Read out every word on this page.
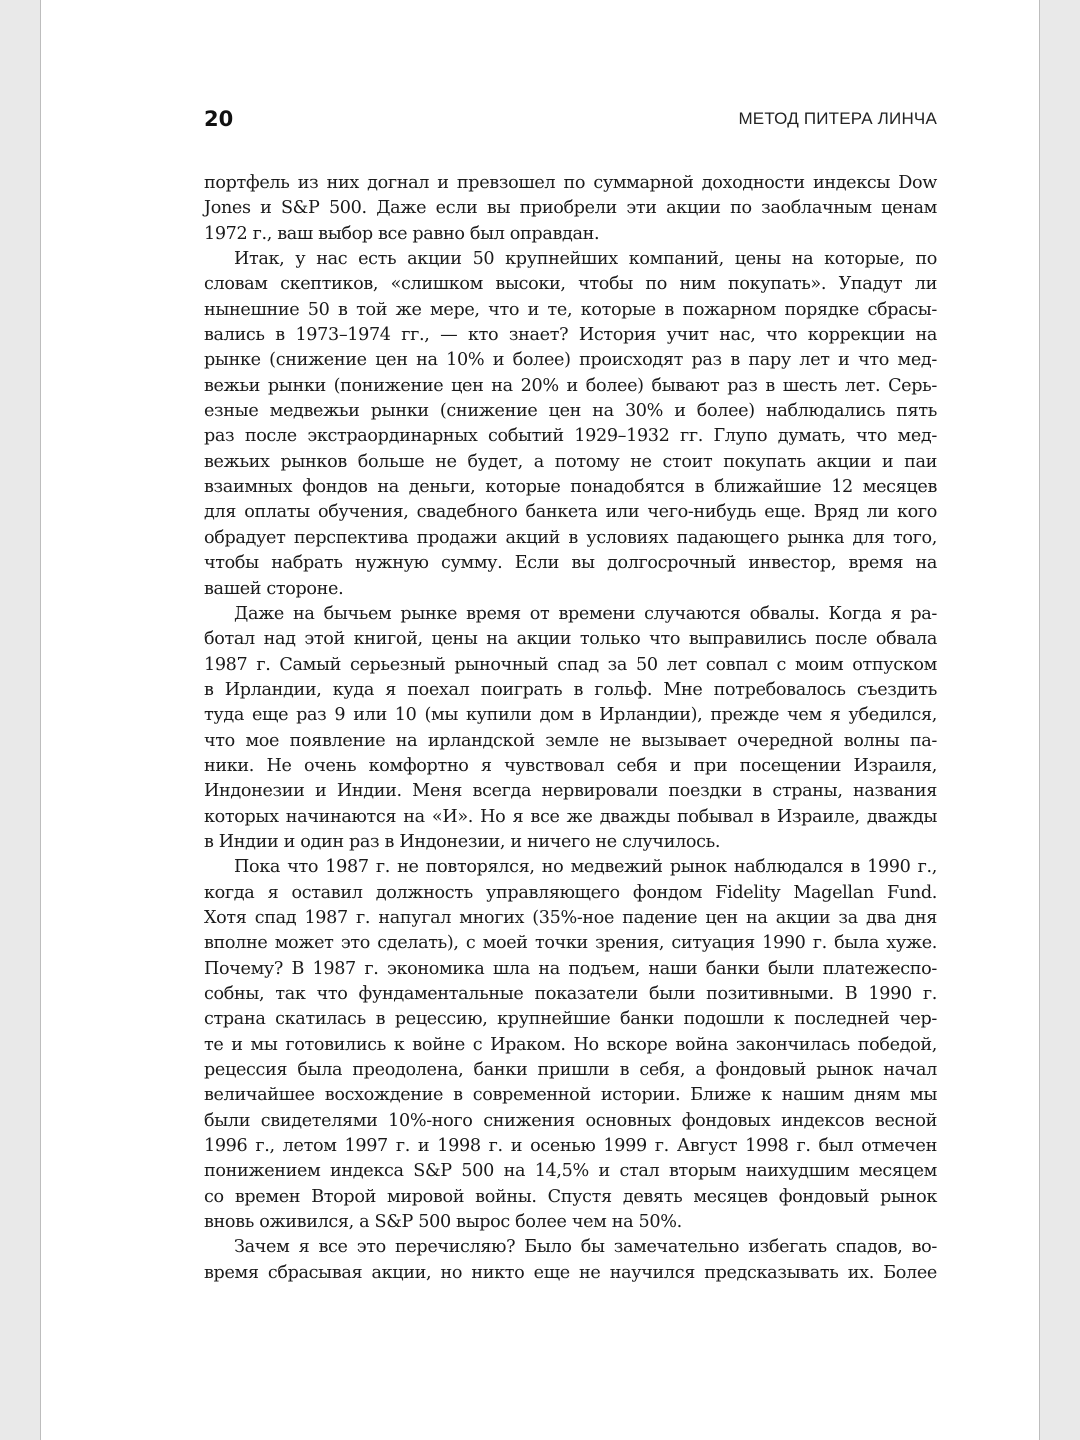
20	МЕТОД ПИТЕРА ЛИНЧА
портфель из них догнал и превзошел по суммарной доходности индексы Dow
Jones и S&P 500. Даже если вы приобрели эти акции по заоблачным ценам
1972 г., ваш выбор все равно был оправдан.
Итак, у нас есть акции 50 крупнейших компаний, цены на которые, по
словам скептиков, «слишком высоки, чтобы по ним покупать». Упадут ли
нынешние 50 в той же мере, что и те, которые в пожарном порядке сбрасы-
вались в 1973–1974 гг., — кто знает? История учит нас, что коррекции на
рынке (снижение цен на 10% и более) происходят раз в пару лет и что мед-
вежьи рынки (понижение цен на 20% и более) бывают раз в шесть лет. Серь-
езные медвежьи рынки (снижение цен на 30% и более) наблюдались пять
раз после экстраординарных событий 1929–1932 гг. Глупо думать, что мед-
вежьих рынков больше не будет, а потому не стоит покупать акции и паи
взаимных фондов на деньги, которые понадобятся в ближайшие 12 месяцев
для оплаты обучения, свадебного банкета или чего-нибудь еще. Вряд ли кого
обрадует перспектива продажи акций в условиях падающего рынка для того,
чтобы набрать нужную сумму. Если вы долгосрочный инвестор, время на
вашей стороне.
Даже на бычьем рынке время от времени случаются обвалы. Когда я ра-
ботал над этой книгой, цены на акции только что выправились после обвала
1987 г. Самый серьезный рыночный спад за 50 лет совпал с моим отпуском
в Ирландии, куда я поехал поиграть в гольф. Мне потребовалось съездить
туда еще раз 9 или 10 (мы купили дом в Ирландии), прежде чем я убедился,
что мое появление на ирландской земле не вызывает очередной волны па-
ники. Не очень комфортно я чувствовал себя и при посещении Израиля,
Индонезии и Индии. Меня всегда нервировали поездки в страны, названия
которых начинаются на «И». Но я все же дважды побывал в Израиле, дважды
в Индии и один раз в Индонезии, и ничего не случилось.
Пока что 1987 г. не повторялся, но медвежий рынок наблюдался в 1990 г.,
когда я оставил должность управляющего фондом Fidelity Magellan Fund.
Хотя спад 1987 г. напугал многих (35%-ное падение цен на акции за два дня
вполне может это сделать), с моей точки зрения, ситуация 1990 г. была хуже.
Почему? В 1987 г. экономика шла на подъем, наши банки были платежеспо-
собны, так что фундаментальные показатели были позитивными. В 1990 г.
страна скатилась в рецессию, крупнейшие банки подошли к последней чер-
те и мы готовились к войне с Ираком. Но вскоре война закончилась победой,
рецессия была преодолена, банки пришли в себя, а фондовый рынок начал
величайшее восхождение в современной истории. Ближе к нашим дням мы
были свидетелями 10%-ного снижения основных фондовых индексов весной
1996 г., летом 1997 г. и 1998 г. и осенью 1999 г. Август 1998 г. был отмечен
понижением индекса S&P 500 на 14,5% и стал вторым наихудшим месяцем
со времен Второй мировой войны. Спустя девять месяцев фондовый рынок
вновь оживился, а S&P 500 вырос более чем на 50%.
Зачем я все это перечисляю? Было бы замечательно избегать спадов, во-
время сбрасывая акции, но никто еще не научился предсказывать их. Более
